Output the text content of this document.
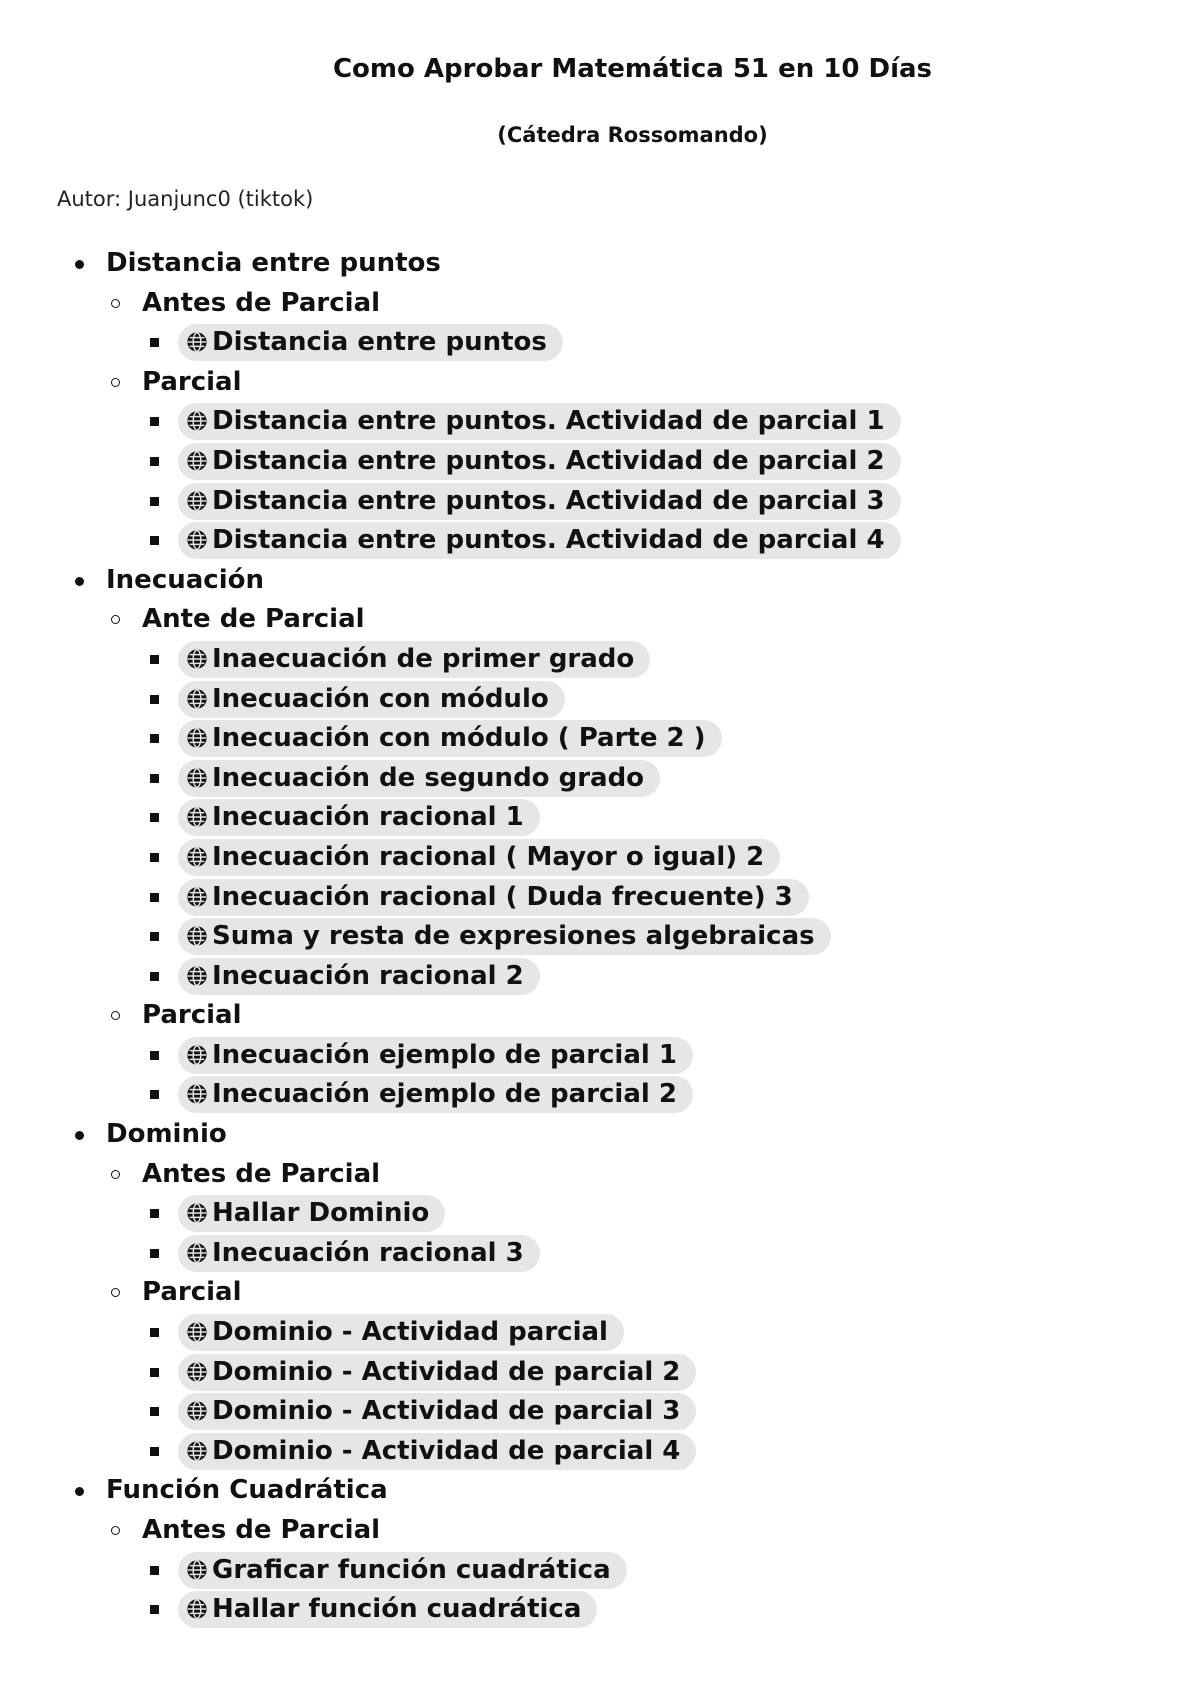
Como Aprobar Matemática 51 en 10 Días
(Cátedra Rossomando)
Autor: Juanjunc0 (tiktok)
Distancia entre puntos
Antes de Parcial
Distancia entre puntos
Parcial
Distancia entre puntos. Actividad de parcial 1
Distancia entre puntos. Actividad de parcial 2
Distancia entre puntos. Actividad de parcial 3
Distancia entre puntos. Actividad de parcial 4
Inecuación
Ante de Parcial
Inaecuación de primer grado
Inecuación con módulo
Inecuación con módulo ( Parte 2 )
Inecuación de segundo grado
Inecuación racional 1
Inecuación racional ( Mayor o igual) 2
Inecuación racional ( Duda frecuente) 3
Suma y resta de expresiones algebraicas
Inecuación racional 2
Parcial
Inecuación ejemplo de parcial 1
Inecuación ejemplo de parcial 2
Dominio
Antes de Parcial
Hallar Dominio
Inecuación racional 3
Parcial
Dominio - Actividad parcial
Dominio - Actividad de parcial 2
Dominio - Actividad de parcial 3
Dominio - Actividad de parcial 4
Función Cuadrática
Antes de Parcial
Graficar función cuadrática
Hallar función cuadrática
